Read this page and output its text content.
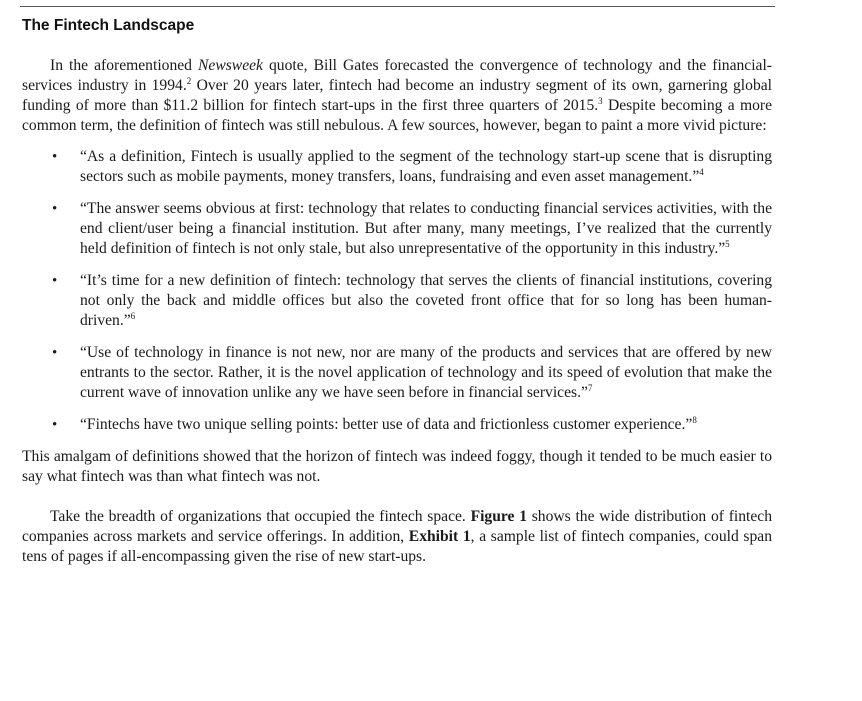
The Fintech Landscape

In the aforementioned Newsweek quote, Bill Gates forecasted the convergence of technology and the financial-services industry in 1994.$^2$ Over 20 years later, fintech had become an industry segment of its own, garnering global funding of more than $11.2 billion for fintech start-ups in the first three quarters of 2015.$^3$ Despite becoming a more common term, the definition of fintech was still nebulous. A few sources, however, began to paint a more vivid picture:

• “As a definition, Fintech is usually applied to the segment of the technology start-up scene that is disrupting sectors such as mobile payments, money transfers, loans, fundraising and even asset management.”$^4$
• “The answer seems obvious at first: technology that relates to conducting financial services activities, with the end client/user being a financial institution. But after many, many meetings, I’ve realized that the currently held definition of fintech is not only stale, but also unrepresentative of the opportunity in this industry.”$^5$
• “It’s time for a new definition of fintech: technology that serves the clients of financial institutions, covering not only the back and middle offices but also the coveted front office that for so long has been human-driven.”$^6$
• “Use of technology in finance is not new, nor are many of the products and services that are offered by new entrants to the sector. Rather, it is the novel application of technology and its speed of evolution that make the current wave of innovation unlike any we have seen before in financial services.”$^7$
• “Fintechs have two unique selling points: better use of data and frictionless customer experience.”$^8$

This amalgam of definitions showed that the horizon of fintech was indeed foggy, though it tended to be much easier to say what fintech was than what fintech was not.

Take the breadth of organizations that occupied the fintech space. Figure 1 shows the wide distribution of fintech companies across markets and service offerings. In addition, Exhibit 1, a sample list of fintech companies, could span tens of pages if all-encompassing given the rise of new start-ups.
